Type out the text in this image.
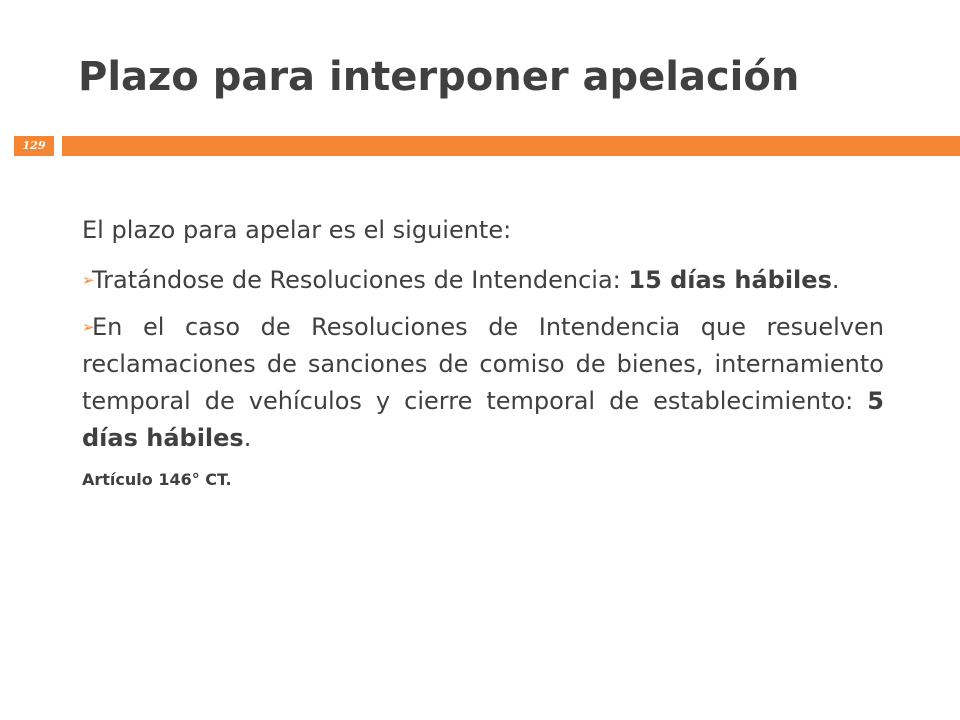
Plazo para interponer apelación
129

El plazo para apelar es el siguiente:

➢Tratándose de Resoluciones de Intendencia: 15 días hábiles.

➢En el caso de Resoluciones de Intendencia que resuelven reclamaciones de sanciones de comiso de bienes, internamiento temporal de vehículos y cierre temporal de establecimiento: 5 días hábiles.

Artículo 146° CT.
